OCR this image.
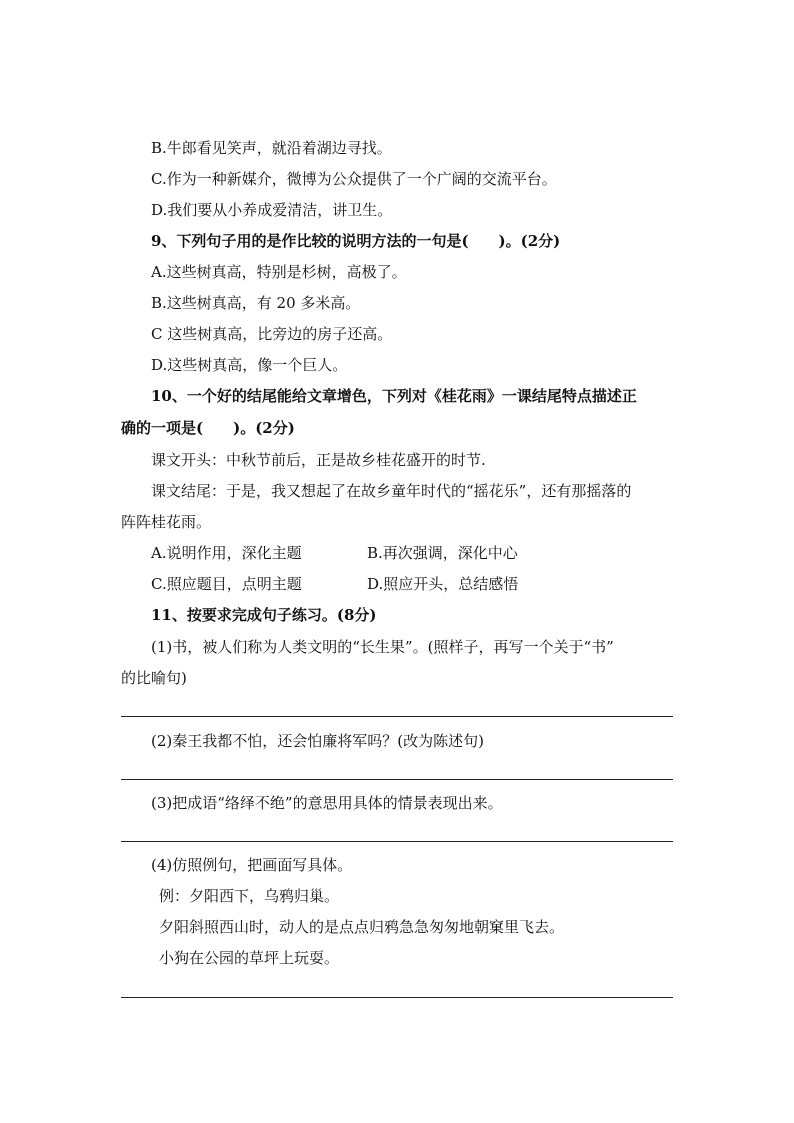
B.牛郎看见笑声，就沿着湖边寻找。
C.作为一种新媒介，微博为公众提供了一个广阔的交流平台。
D.我们要从小养成爱清洁，讲卫生。
9、下列句子用的是作比较的说明方法的一句是(　　)。(2分)
A.这些树真高，特别是杉树，高极了。
B.这些树真高，有 20 多米高。
C 这些树真高，比旁边的房子还高。
D.这些树真高，像一个巨人。
10、一个好的结尾能给文章增色，下列对《桂花雨》一课结尾特点描述正
确的一项是(　　)。(2分)
课文开头：中秋节前后，正是故乡桂花盛开的时节.
课文结尾：于是，我又想起了在故乡童年时代的“摇花乐”，还有那摇落的
阵阵桂花雨。
A.说明作用，深化主题	B.再次强调，深化中心
C.照应题目，点明主题	D.照应开头，总结感悟
11、按要求完成句子练习。(8分)
(1)书，被人们称为人类文明的“长生果”。(照样子，再写一个关于“书”
的比喻句)
(2)秦王我都不怕，还会怕廉将军吗？(改为陈述句)
(3)把成语“络绎不绝”的意思用具体的情景表现出来。
(4)仿照例句，把画面写具体。
例：夕阳西下，乌鸦归巢。
夕阳斜照西山时，动人的是点点归鸦急急匆匆地朝窠里飞去。
小狗在公园的草坪上玩耍。
